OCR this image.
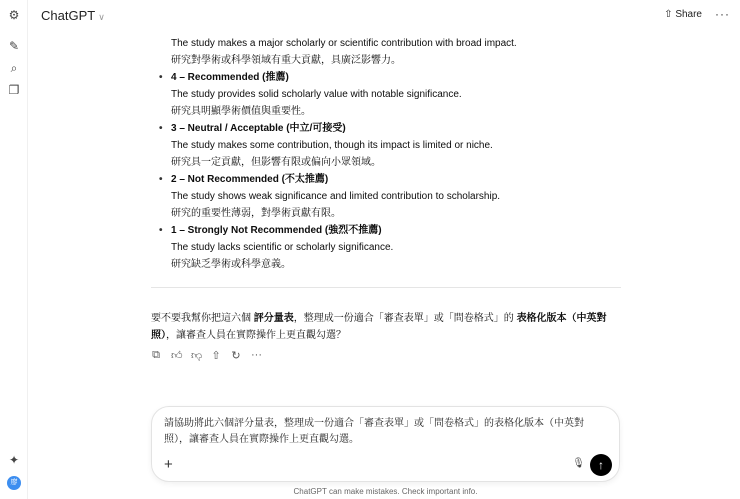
⚙
✎
⌕
❐
✦
廖
ChatGPT ∨	⇧ Share ···
The study makes a major scholarly or scientific contribution with broad impact.
研究對學術或科學領域有重大貢獻，具廣泛影響力。
• 4 – Recommended (推薦)
The study provides solid scholarly value with notable significance.
研究具明顯學術價值與重要性。
• 3 – Neutral / Acceptable (中立/可接受)
The study makes some contribution, though its impact is limited or niche.
研究具一定貢獻，但影響有限或偏向小眾領域。
• 2 – Not Recommended (不太推薦)
The study shows weak significance and limited contribution to scholarship.
研究的重要性薄弱，對學術貢獻有限。
• 1 – Strongly Not Recommended (強烈不推薦)
The study lacks scientific or scholarly significance.
研究缺乏學術或科學意義。
要不要我幫你把這六個 評分量表，整理成一份適合「審查表單」或「問卷格式」的 表格化版本（中英對照），讓審查人員在實際操作上更直觀勾選？
⧉ 👍︎ 👎︎ ⇧ ↻ ···
請協助將此六個評分量表，整理成一份適合「審查表單」或「問卷格式」的表格化版本（中英對照），讓審查人員在實際操作上更直觀勾選。
+	🎙︎	↑
ChatGPT can make mistakes. Check important info.
